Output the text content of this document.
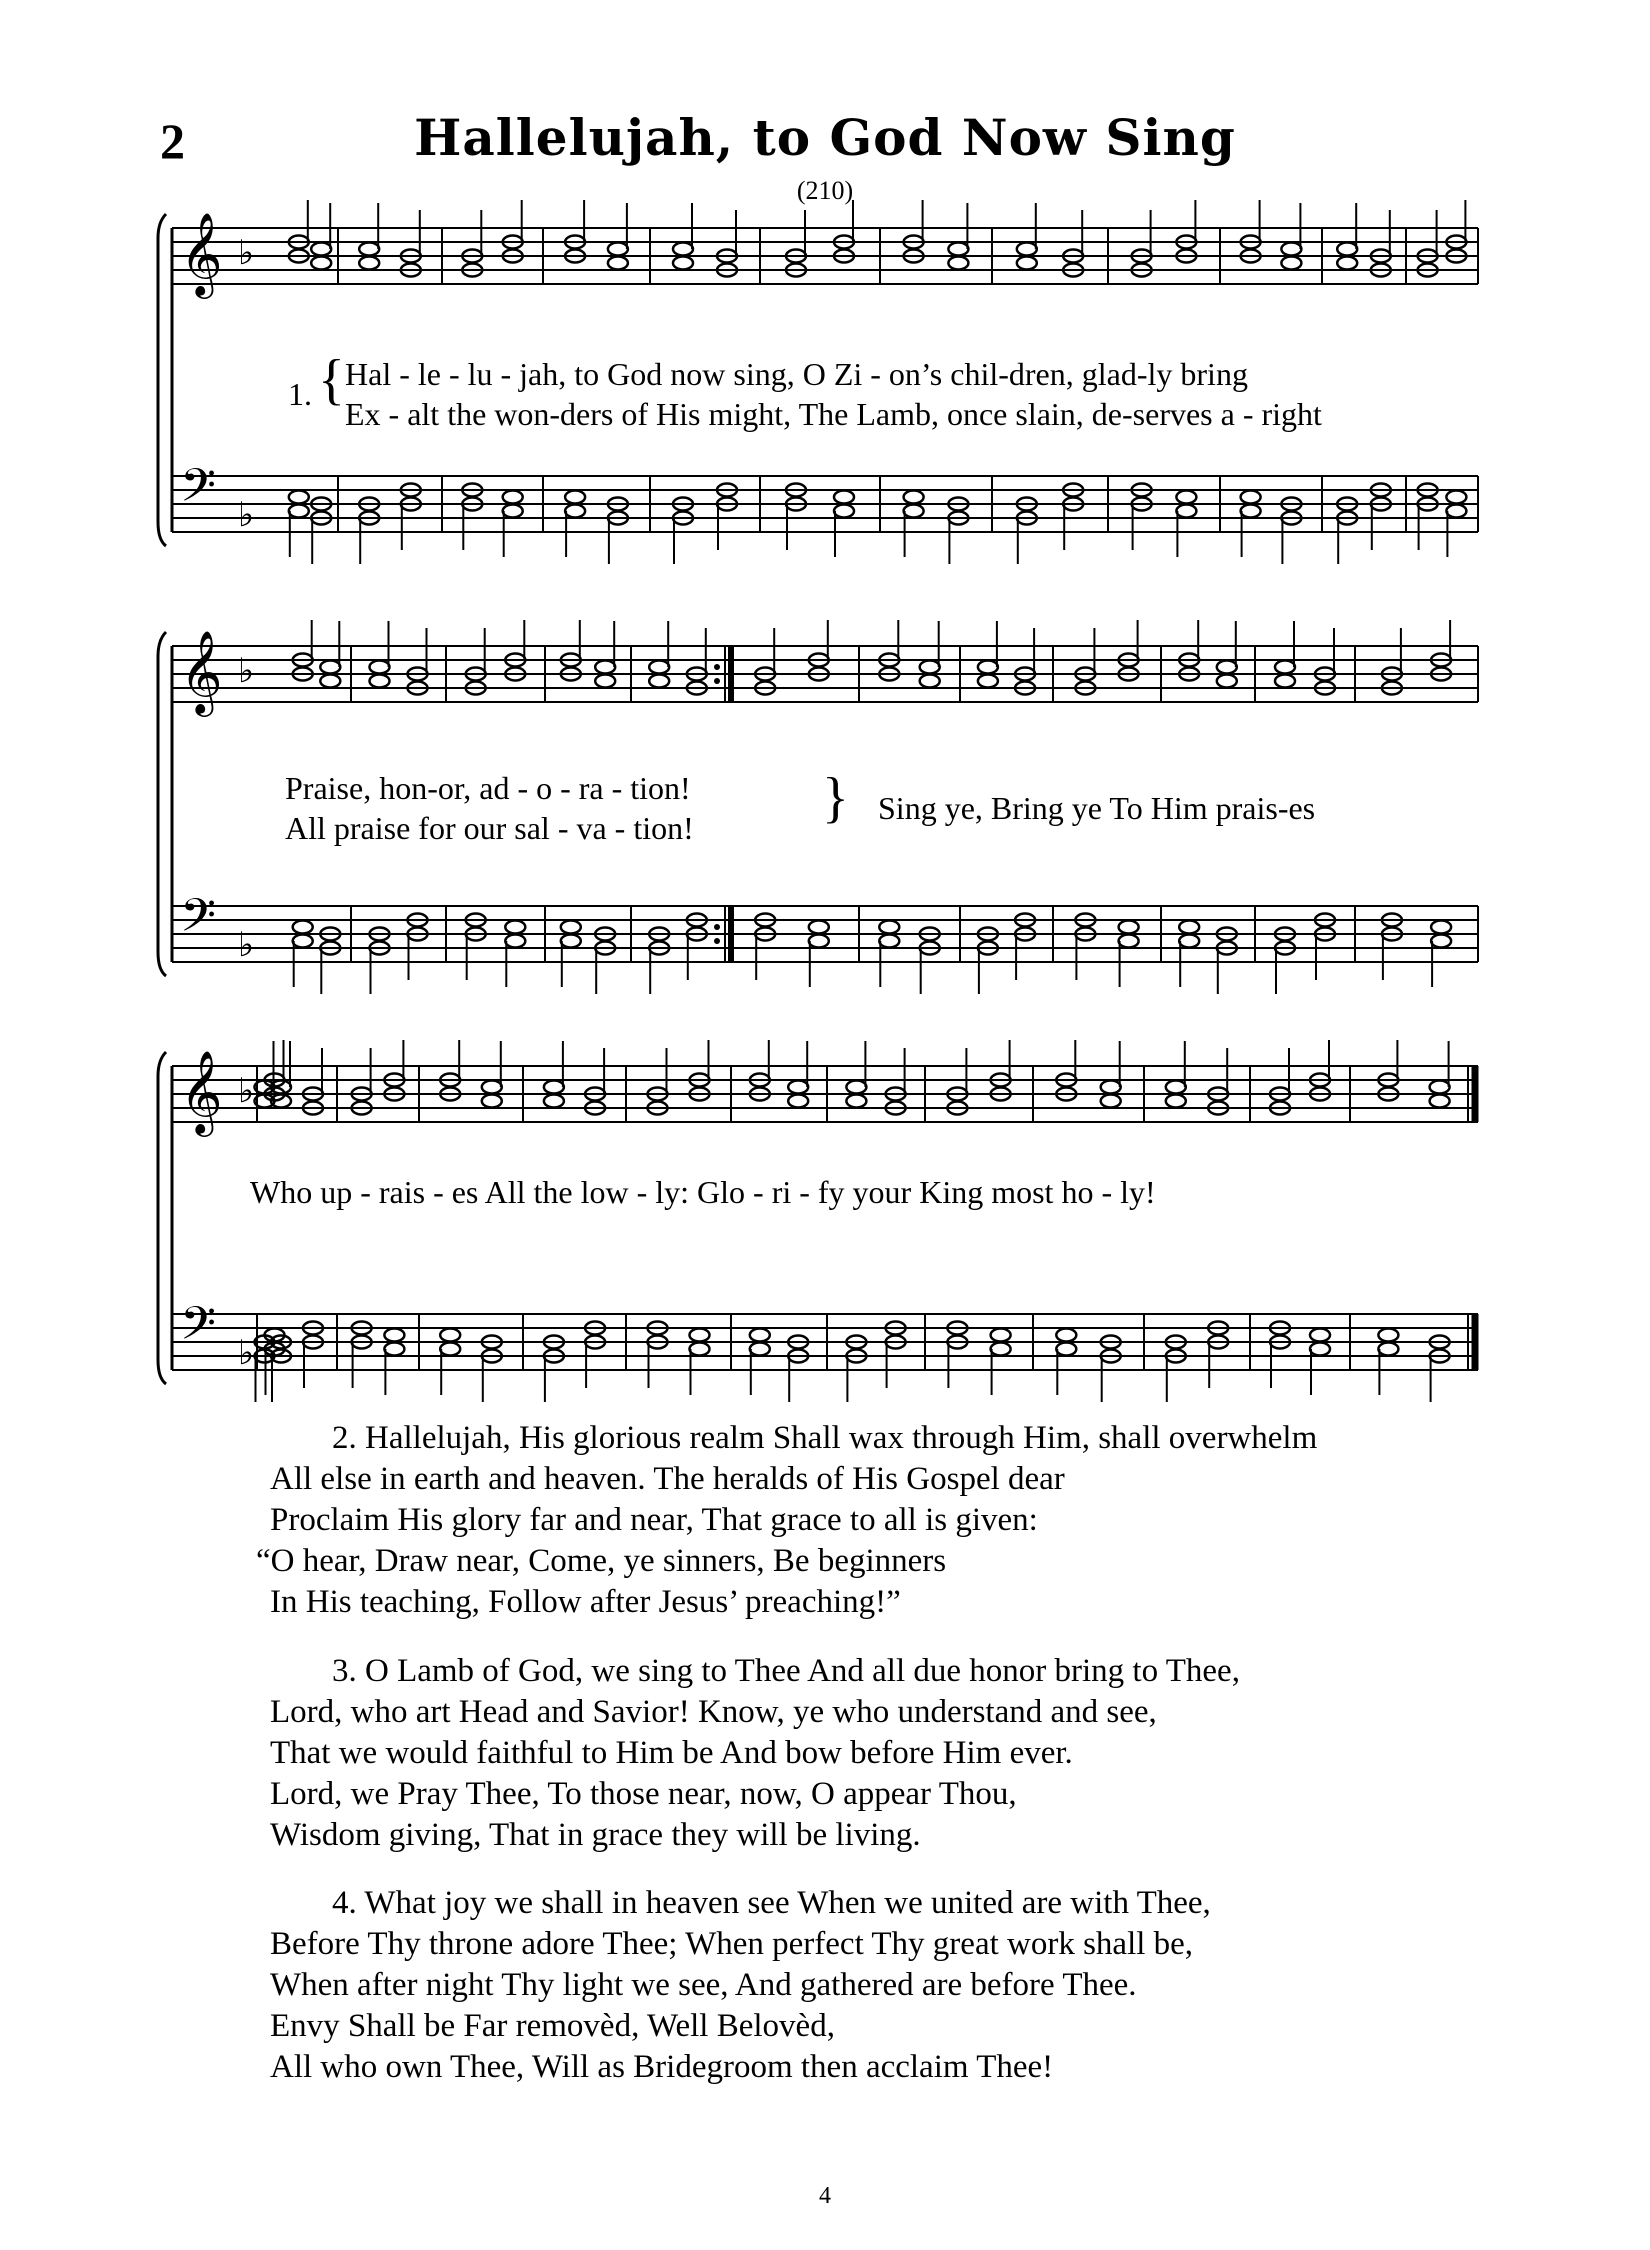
2	Hallelujah, to God Now Sing
(210)
𝄞 ♭
𝄢 ♭
1. { Hal - le - lu - jah, to God now sing, O Zi - on’s chil-dren, glad-ly bring
Ex - alt the won-ders of His might, The Lamb, once slain, de-serves a - right
𝄞 ♭
𝄢 ♭
Praise, hon-or, ad - o - ra - tion!
All praise for our sal - va - tion! } Sing ye, Bring ye To Him prais-es
𝄞 ♭
𝄢 ♭
Who up - rais - es All the low - ly: Glo - ri - fy your King most ho - ly!
2. Hallelujah, His glorious realm Shall wax through Him, shall overwhelm
All else in earth and heaven. The heralds of His Gospel dear
Proclaim His glory far and near, That grace to all is given:
“O hear, Draw near, Come, ye sinners, Be beginners
In His teaching, Follow after Jesus’ preaching!”
3. O Lamb of God, we sing to Thee And all due honor bring to Thee,
Lord, who art Head and Savior! Know, ye who understand and see,
That we would faithful to Him be And bow before Him ever.
Lord, we Pray Thee, To those near, now, O appear Thou,
Wisdom giving, That in grace they will be living.
4. What joy we shall in heaven see When we united are with Thee,
Before Thy throne adore Thee; When perfect Thy great work shall be,
When after night Thy light we see, And gathered are before Thee.
Envy Shall be Far removèd, Well Belovèd,
All who own Thee, Will as Bridegroom then acclaim Thee!
4
